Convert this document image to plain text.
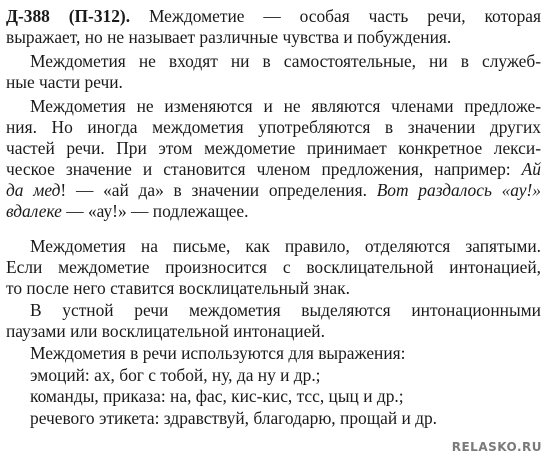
Д-388 (П-312). Междометие — особая часть речи, которая
выражает, но не называет различные чувства и побуждения.
Междометия не входят ни в самостоятельные, ни в служеб-
ные части речи.
Междометия не изменяются и не являются членами предложе-
ния. Но иногда междометия употребляются в значении других
частей речи. При этом междометие принимает конкретное лекси-
ческое значение и становится членом предложения, например: Ай
да мед! — «ай да» в значении определения. Вот раздалось «ау!»
вдалеке — «ау!» — подлежащее.
Междометия на письме, как правило, отделяются запятыми.
Если междометие произносится с восклицательной интонацией,
то после него ставится восклицательный знак.
В устной речи междометия выделяются интонационными
паузами или восклицательной интонацией.
Междометия в речи используются для выражения:
эмоций: ах, бог с тобой, ну, да ну и др.;
команды, приказа: на, фас, кис-кис, тсс, цыц и др.;
речевого этикета: здравствуй, благодарю, прощай и др.
RELASKO.RU
